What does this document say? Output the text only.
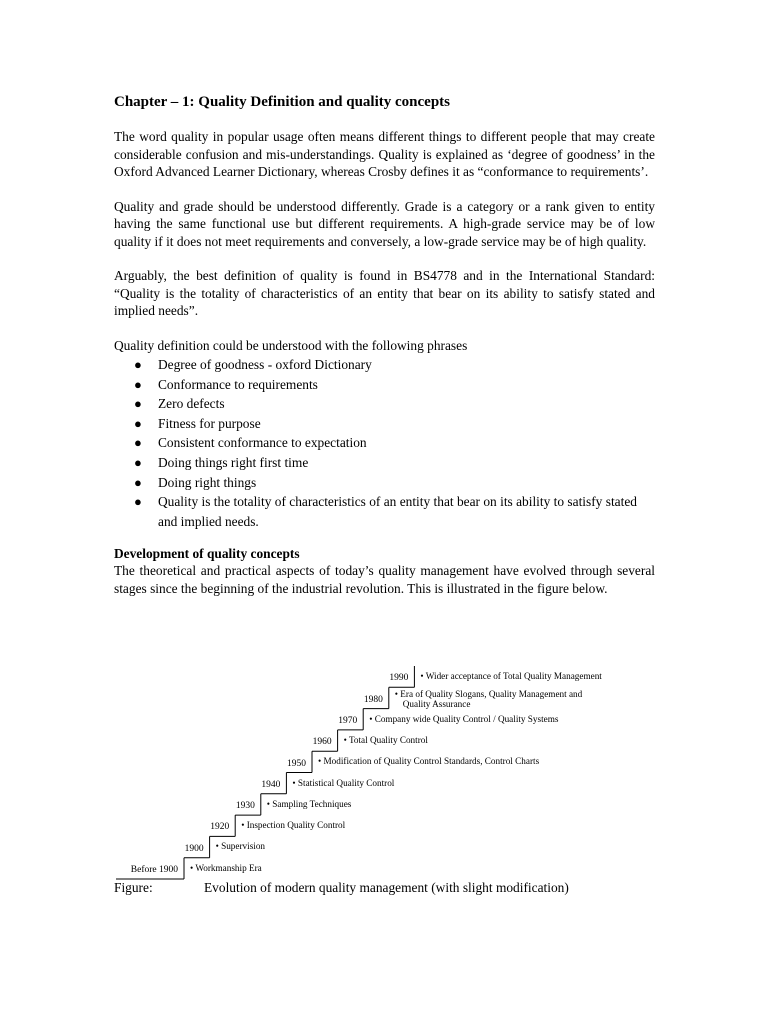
Chapter – 1: Quality Definition and quality concepts

The word quality in popular usage often means different things to different people that may create considerable confusion and mis-understandings. Quality is explained as ‘degree of goodness’ in the Oxford Advanced Learner Dictionary, whereas Crosby defines it as “conformance to requirements’.

Quality and grade should be understood differently. Grade is a category or a rank given to entity having the same functional use but different requirements. A high-grade service may be of low quality if it does not meet requirements and conversely, a low-grade service may be of high quality.

Arguably, the best definition of quality is found in BS4778 and in the International Standard: “Quality is the totality of characteristics of an entity that bear on its ability to satisfy stated and implied needs”.

Quality definition could be understood with the following phrases

● Degree of goodness - oxford Dictionary
● Conformance to requirements
● Zero defects
● Fitness for purpose
● Consistent conformance to expectation
● Doing things right first time
● Doing right things
● Quality is the totality of characteristics of an entity that bear on its ability to satisfy stated and implied needs.
Development of quality concepts

The theoretical and practical aspects of today’s quality management have evolved through several stages since the beginning of the industrial revolution. This is illustrated in the figure below.

Before 1900 • Workmanship Era
1900 • Supervision
1920 • Inspection Quality Control
1930 • Sampling Techniques
1940 • Statistical Quality Control
1950 • Modification of Quality Control Standards, Control Charts
1960 • Total Quality Control
1970 • Company wide Quality Control / Quality Systems
1980
• Era of Quality Slogans, Quality Management and
Quality Assurance
1990 • Wider acceptance of Total Quality Management
Figure:	Evolution of modern quality management (with slight modification)
